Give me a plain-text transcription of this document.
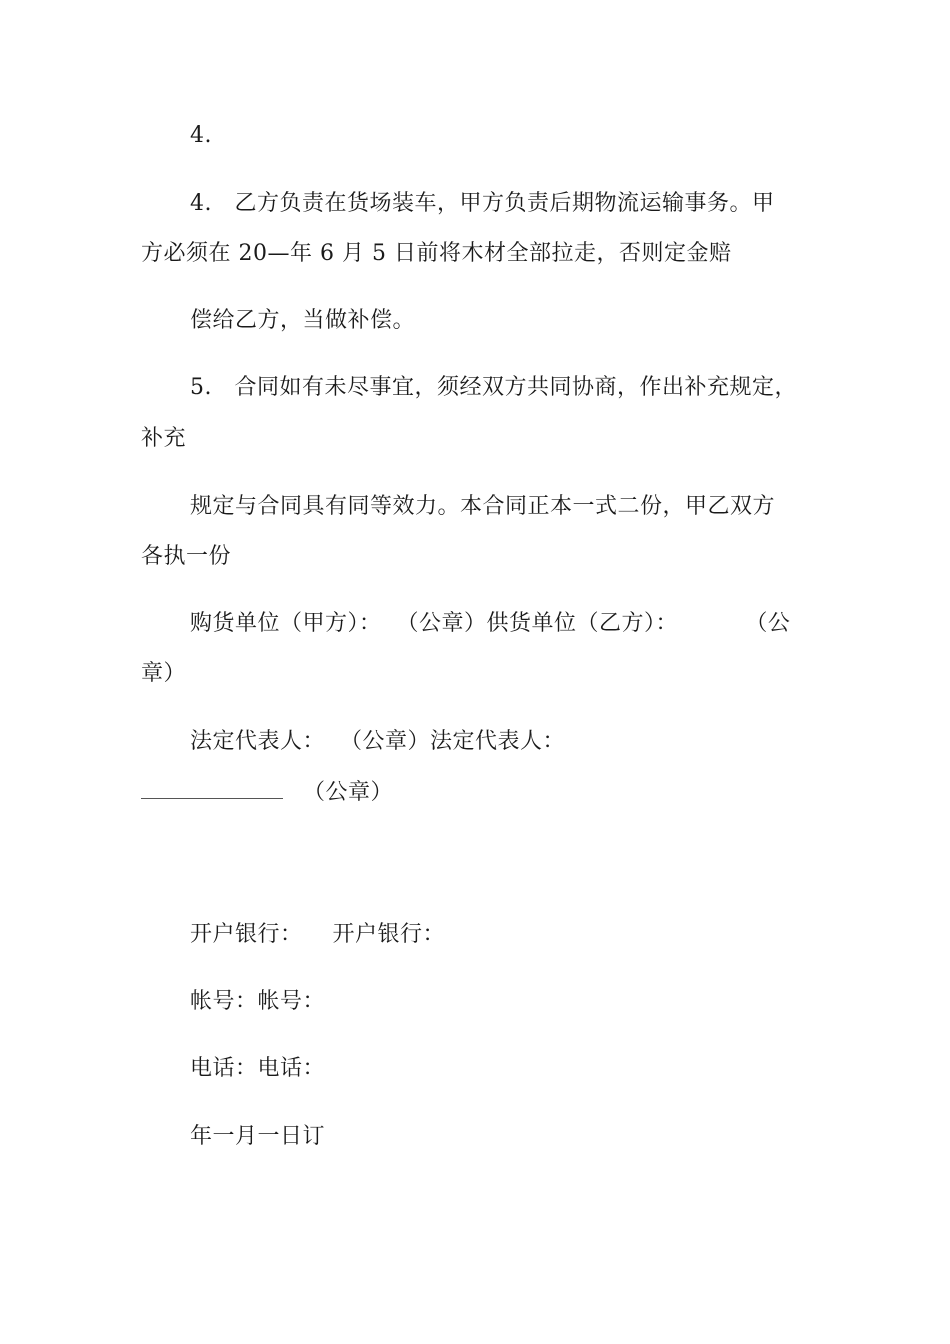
4.
4.   乙方负责在货场装车，甲方负责后期物流运输事务。甲
方必须在 20—年 6 月 5 日前将木材全部拉走，否则定金赔
偿给乙方，当做补偿。
5.   合同如有未尽事宜，须经双方共同协商，作出补充规定，
补充
规定与合同具有同等效力。本合同正本一式二份，甲乙双方
各执一份
购货单位（甲方）：  （公章）供货单位（乙方）：         （公
章）
法定代表人：  （公章）法定代表人：
（公章）
开户银行：    开户银行：
帐号：帐号：
电话：电话：
年一月一日订
